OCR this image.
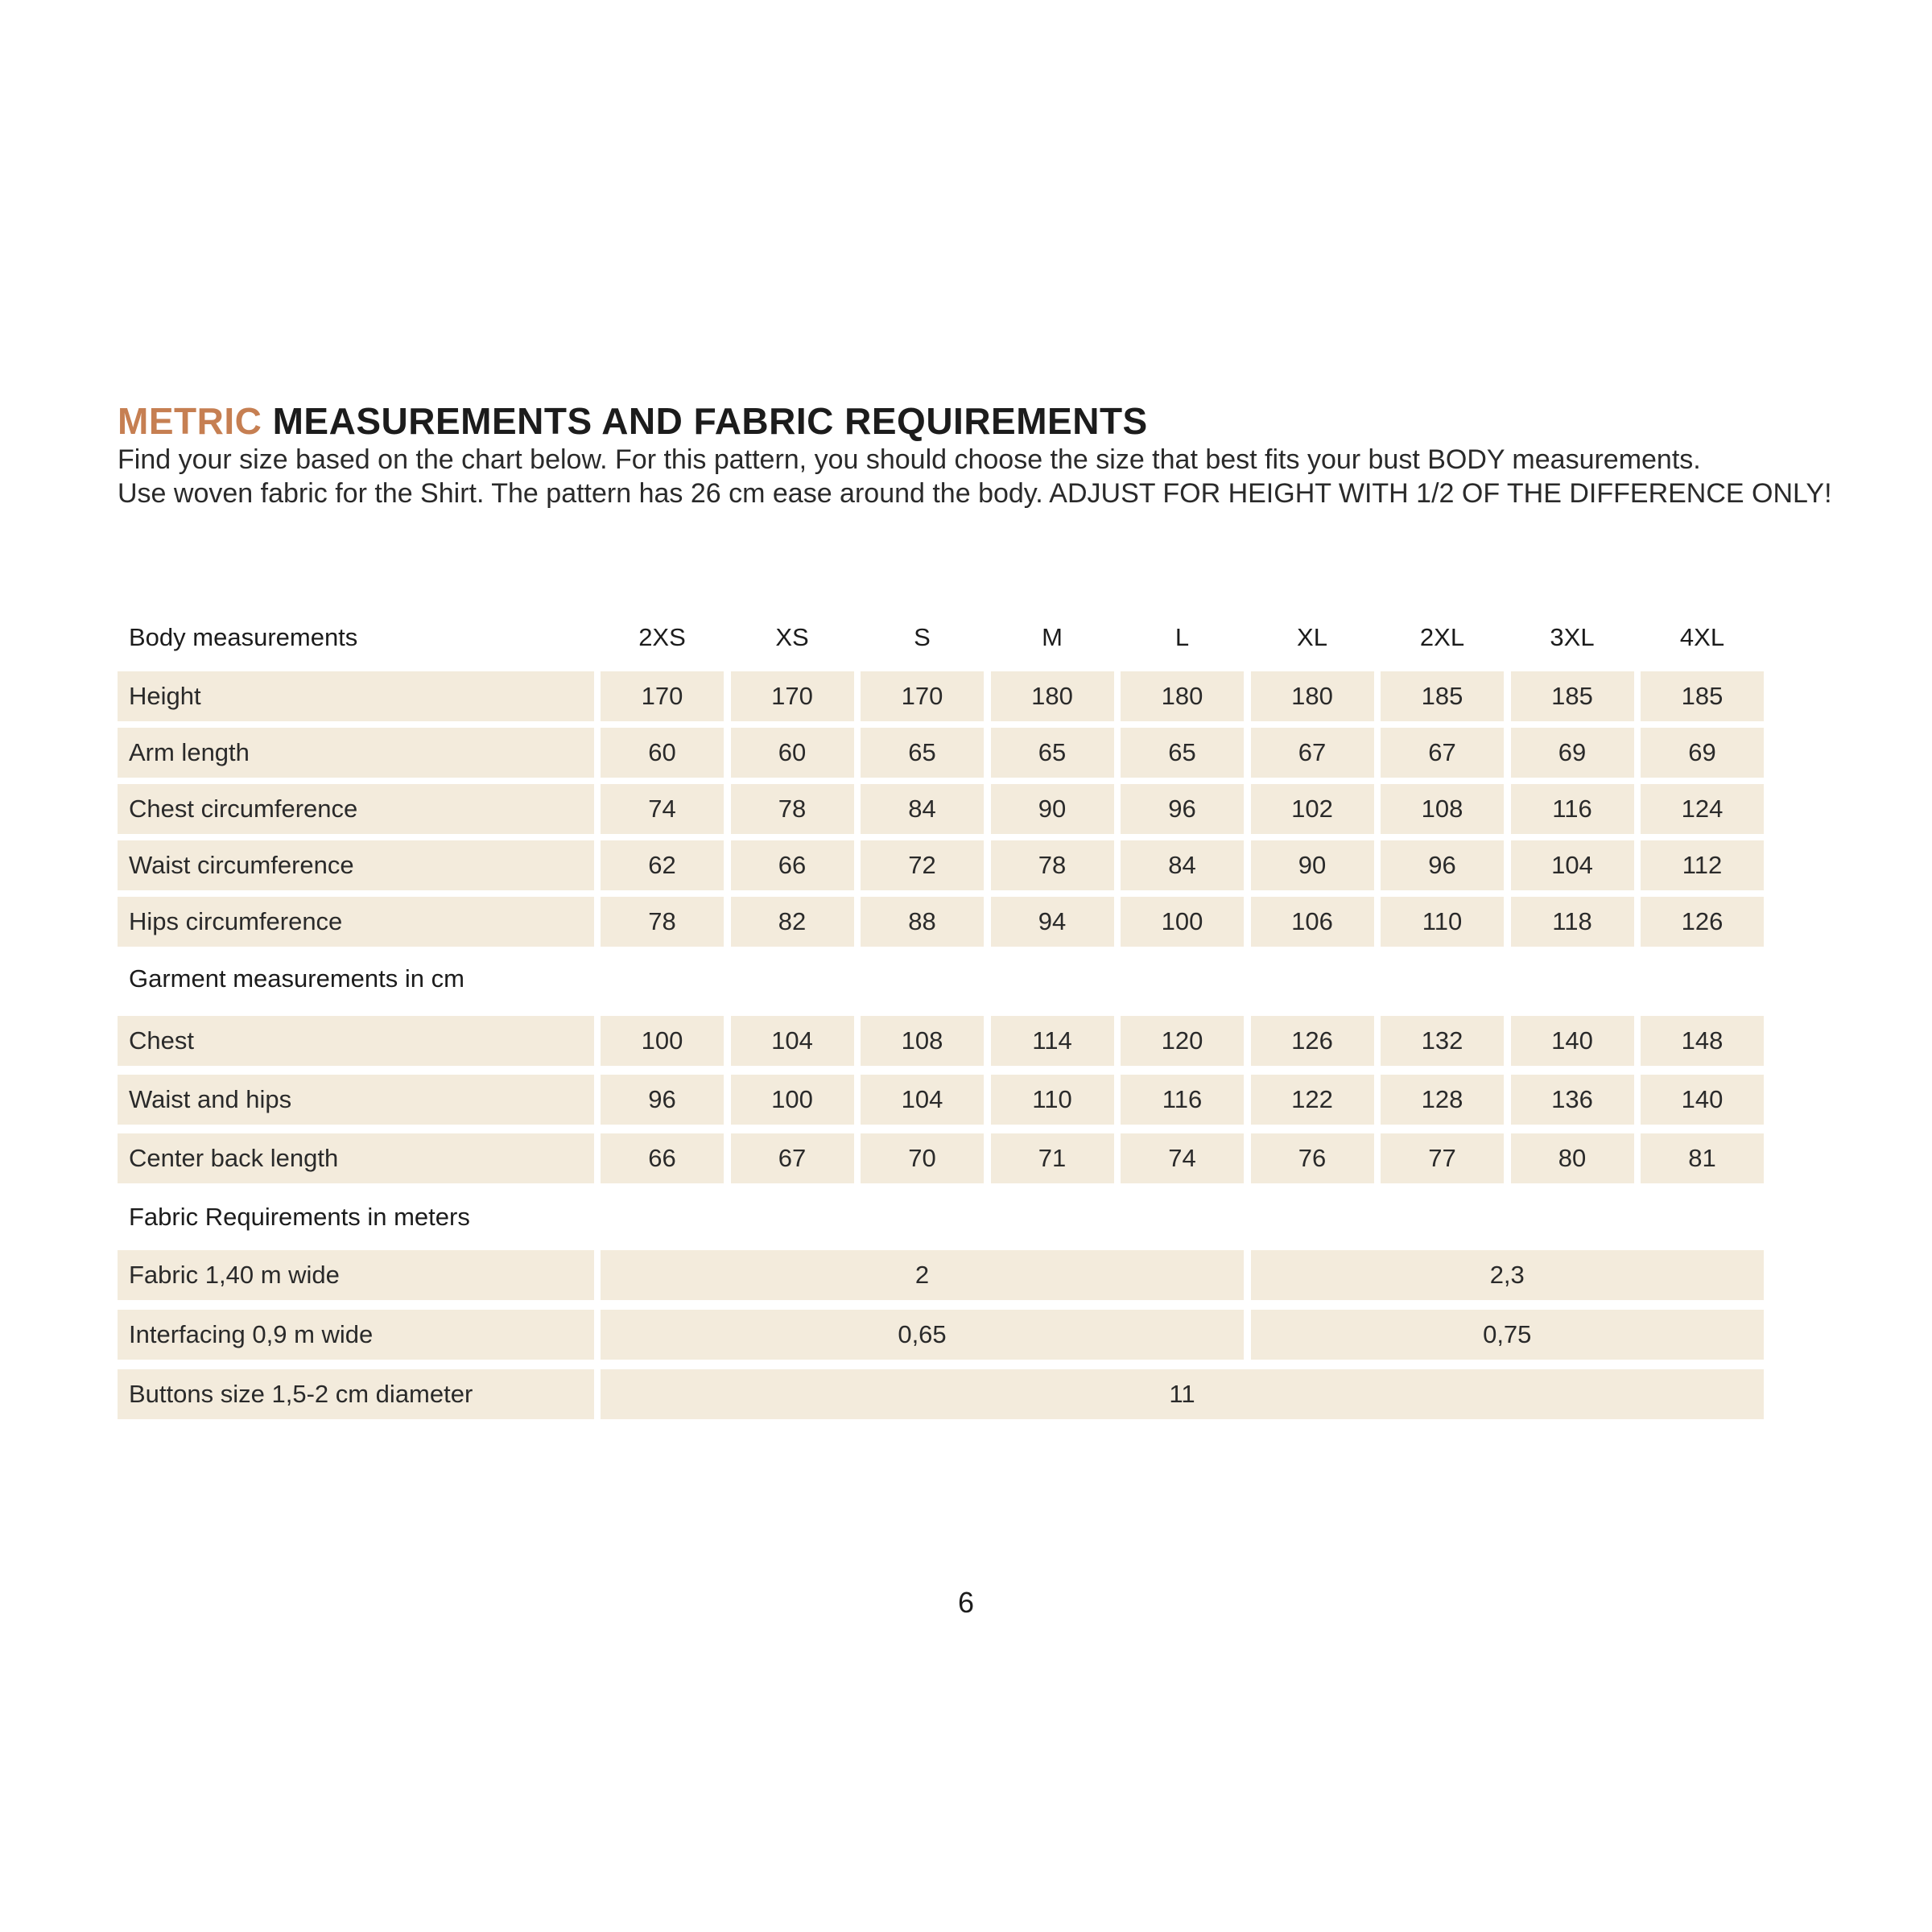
METRIC MEASUREMENTS AND FABRIC REQUIREMENTS

Find your size based on the chart below. For this pattern, you should choose the size that best fits your bust BODY measurements.

Use woven fabric for the Shirt. The pattern has 26 cm ease around the body. ADJUST FOR HEIGHT WITH 1/2 OF THE DIFFERENCE ONLY!

Body measurements	2XS	XS	S	M	L	XL	2XL	3XL	4XL
Height	170	170	170	180	180	180	185	185	185
Arm length	60	60	65	65	65	67	67	69	69
Chest circumference	74	78	84	90	96	102	108	116	124
Waist circumference	62	66	72	78	84	90	96	104	112
Hips circumference	78	82	88	94	100	106	110	118	126
Garment measurements in cm
Chest	100	104	108	114	120	126	132	140	148
Waist and hips	96	100	104	110	116	122	128	136	140
Center back length	66	67	70	71	74	76	77	80	81
Fabric Requirements in meters
Fabric 1,40 m wide	2	2,3
Interfacing 0,9 m wide	0,65	0,75
Buttons size 1,5-2 cm diameter	11
6
